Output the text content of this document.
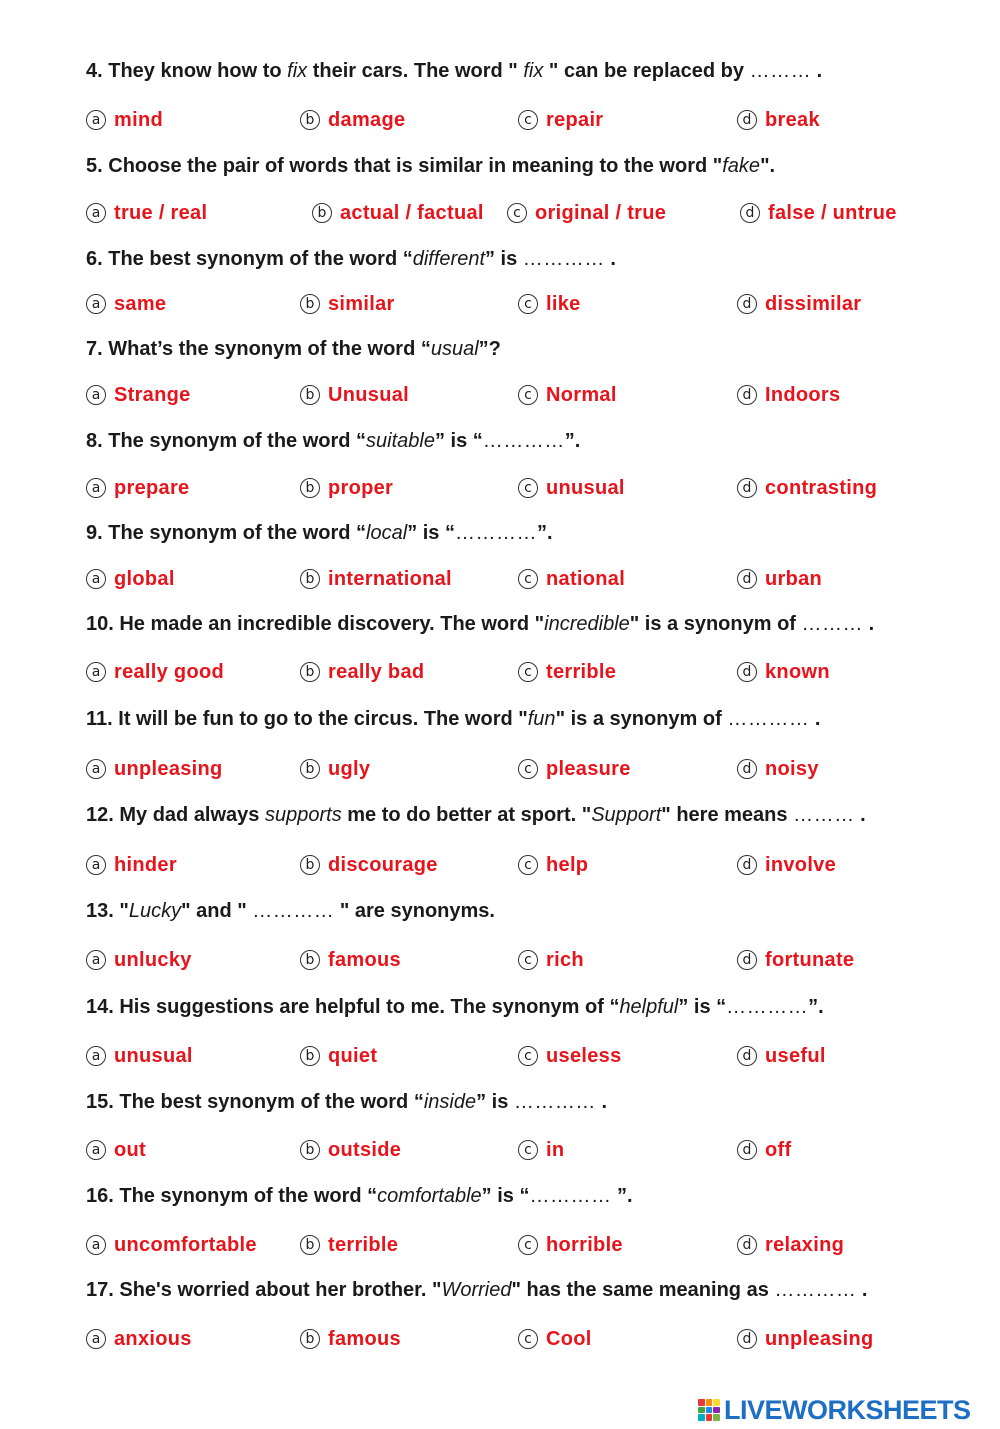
4. They know how to fix their cars. The word " fix " can be replaced by ……… .
a mind	b damage	c repair	d break
5. Choose the pair of words that is similar in meaning to the word "fake".
a true / real	b actual / factual	c original / true	d false / untrue
6. The best synonym of the word “different” is ………… .
a same	b similar	c like	d dissimilar
7. What’s the synonym of the word “usual”?
a Strange	b Unusual	c Normal	d Indoors
8. The synonym of the word “suitable” is “…………”.
a prepare	b proper	c unusual	d contrasting
9. The synonym of the word “local” is “…………”.
a global	b international	c national	d urban
10. He made an incredible discovery. The word "incredible" is a synonym of ……… .
a really good	b really bad	c terrible	d known
11. It will be fun to go to the circus. The word "fun" is a synonym of ………… .
a unpleasing	b ugly	c pleasure	d noisy
12. My dad always supports me to do better at sport. "Support" here means ……… .
a hinder	b discourage	c help	d involve
13. "Lucky" and " ………… " are synonyms.
a unlucky	b famous	c rich	d fortunate
14. His suggestions are helpful to me. The synonym of “helpful” is “…………”.
a unusual	b quiet	c useless	d useful
15. The best synonym of the word “inside” is ………… .
a out	b outside	c in	d off
16. The synonym of the word “comfortable” is “………… ”.
a uncomfortable	b terrible	c horrible	d relaxing
17. She's worried about her brother. "Worried" has the same meaning as ………… .
a anxious	b famous	c Cool	d unpleasing
LIVEWORKSHEETS
